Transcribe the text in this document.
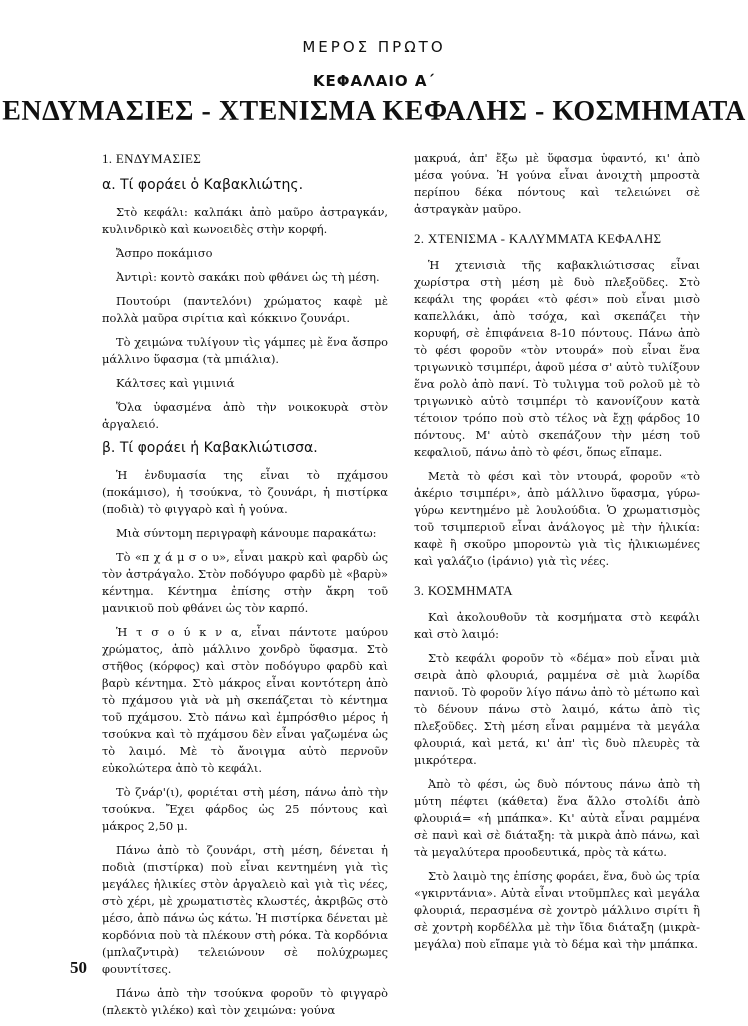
ΜΕΡΟΣ ΠΡΩΤΟ
ΚΕΦΑΛΑΙΟ Α΄
ΕΝΔΥΜΑΣΙΕΣ - ΧΤΕΝΙΣΜΑ ΚΕΦΑΛΗΣ - ΚΟΣΜΗΜΑΤΑ
1. ΕΝΔΥΜΑΣΙΕΣ
α. Τί φοράει ὁ Καβακλιώτης.

Στὸ κεφάλι: καλπάκι ἀπὸ μαῦρο ἀστραγκάν, κυλινδρικὸ καὶ κωνοειδὲς στὴν κορφή.

Ἄσπρο ποκάμισο

Ἀντιρὶ: κοντὸ σακάκι ποὺ φθάνει ὡς τὴ μέση.

Πουτούρι (παντελόνι) χρώματος καφὲ μὲ πολλὰ μαῦρα σιρίτια καὶ κόκκινο ζουνάρι.

Τὸ χειμώνα τυλίγουν τὶς γάμπες μὲ ἕνα ἄσπρο μάλλινο ὕφασμα (τὰ μπιάλια).

Κάλτσες καὶ γιμινιά

Ὅλα ὑφασμένα ἀπὸ τὴν νοικοκυρὰ στὸν ἀργαλειό.

β. Τί φοράει ἡ Καβακλιώτισσα.

Ἡ ἐνδυμασία της εἶναι τὸ πχάμσου (ποκάμισο), ἡ τσούκνα, τὸ ζουνάρι, ἡ πιστίρκα (ποδιὰ) τὸ φιγγαρὸ καὶ ἡ γούνα.

Μιὰ σύντομη περιγραφὴ κάνουμε παρακάτω:

Τὸ «π χ ά μ σ ο υ», εἶναι μακρὺ καὶ φαρδὺ ὡς τὸν ἀστράγαλο. Στὸν ποδόγυρο φαρδὺ μὲ «βαρὺ» κέντημα. Κέντημα ἐπίσης στὴν ἄκρη τοῦ μανικιοῦ ποὺ φθάνει ὡς τὸν καρπό.

Ἡ τ σ ο ύ κ ν α, εἶναι πάντοτε μαύρου χρώματος, ἀπὸ μάλλινο χονδρὸ ὕφασμα. Στὸ στῆθος (κόρφος) καὶ στὸν ποδόγυρο φαρδὺ καὶ βαρὺ κέντημα. Στὸ μάκρος εἶναι κοντότερη ἀπὸ τὸ πχάμσου γιὰ νὰ μὴ σκεπάζεται τὸ κέντημα τοῦ πχάμσου. Στὸ πάνω καὶ ἐμπρόσθιο μέρος ἡ τσούκνα καὶ τὸ πχάμσου δὲν εἶναι γαζωμένα ὡς τὸ λαιμό. Μὲ τὸ ἄνοιγμα αὐτὸ περνοῦν εὐκολώτερα ἀπὸ τὸ κεφάλι.

Τὸ ζνάρ'(ι), φοριέται στὴ μέση, πάνω ἀπὸ τὴν τσούκνα. Ἔχει φάρδος ὡς 25 πόντους καὶ μάκρος 2,50 μ.

Πάνω ἀπὸ τὸ ζουνάρι, στὴ μέση, δένεται ἡ ποδιὰ (πιστίρκα) ποὺ εἶναι κεντημένη γιὰ τὶς μεγάλες ἡλικίες στὸν ἀργαλειὸ καὶ γιὰ τὶς νέες, στὸ χέρι, μὲ χρωματιστὲς κλωστές, ἀκριβῶς στὸ μέσο, ἀπὸ πάνω ὡς κάτω. Ἡ πιστίρκα δένεται μὲ κορδόνια ποὺ τὰ πλέκουν στὴ ρόκα. Τὰ κορδόνια (μπλαζντιρὰ) τελειώνουν σὲ πολύχρωμες φουντίτσες.

Πάνω ἀπὸ τὴν τσούκνα φοροῦν τὸ φιγγαρὸ (πλεκτὸ γιλέκο) καὶ τὸν χειμώνα: γούνα

μακρυά, ἀπ' ἔξω μὲ ὕφασμα ὑφαντό, κι' ἀπὸ μέσα γούνα. Ἡ γούνα εἶναι ἀνοιχτὴ μπροστὰ περίπου δέκα πόντους καὶ τελειώνει σὲ ἀστραγκὰν μαῦρο.

2. ΧΤΕΝΙΣΜΑ - ΚΑΛΥΜΜΑΤΑ ΚΕΦΑΛΗΣ

Ἡ χτενισιὰ τῆς καβακλιώτισσας εἶναι χωρίστρα στὴ μέση μὲ δυὸ πλεξοῦδες. Στὸ κεφάλι της φοράει «τὸ φέσι» ποὺ εἶναι μισὸ καπελλάκι, ἀπὸ τσόχα, καὶ σκεπάζει τὴν κορυφή, σὲ ἐπιφάνεια 8-10 πόντους. Πάνω ἀπὸ τὸ φέσι φοροῦν «τὸν ντουρά» ποὺ εἶναι ἕνα τριγωνικὸ τσιμπέρι, ἀφοῦ μέσα σ' αὐτὸ τυλίξουν ἕνα ρολὸ ἀπὸ πανί. Τὸ τυλιγμα τοῦ ρολοῦ μὲ τὸ τριγωνικὸ αὐτὸ τσιμπέρι τὸ κανονίζουν κατὰ τέτοιον τρόπο ποὺ στὸ τέλος νὰ ἔχῃ φάρδος 10 πόντους. Μ' αὐτὸ σκεπάζουν τὴν μέση τοῦ κεφαλιοῦ, πάνω ἀπὸ τὸ φέσι, ὅπως εἴπαμε.

Μετὰ τὸ φέσι καὶ τὸν ντουρά, φοροῦν «τὸ ἀκέριο τσιμπέρι», ἀπὸ μάλλινο ὕφασμα, γύρω-γύρω κεντημένο μὲ λουλούδια. Ὁ χρωματισμὸς τοῦ τσιμπεριοῦ εἶναι ἀνάλογος μὲ τὴν ἡλικία: καφὲ ἢ σκοῦρο μποροντὼ γιὰ τὶς ἡλικιωμένες καὶ γαλάζιο (ἰράνιο) γιὰ τὶς νέες.

3. ΚΟΣΜΗΜΑΤΑ

Καὶ ἀκολουθοῦν τὰ κοσμήματα στὸ κεφάλι καὶ στὸ λαιμό:

Στὸ κεφάλι φοροῦν τὸ «δέμα» ποὺ εἶναι μιὰ σειρὰ ἀπὸ φλουριά, ραμμένα σὲ μιὰ λωρίδα πανιοῦ. Τὸ φοροῦν λίγο πάνω ἀπὸ τὸ μέτωπο καὶ τὸ δένουν πάνω στὸ λαιμό, κάτω ἀπὸ τὶς πλεξοῦδες. Στὴ μέση εἶναι ραμμένα τὰ μεγάλα φλουριά, καὶ μετά, κι' ἀπ' τὶς δυὸ πλευρὲς τὰ μικρότερα.

Ἀπὸ τὸ φέσι, ὡς δυὸ πόντους πάνω ἀπὸ τὴ μύτη πέφτει (κάθετα) ἕνα ἄλλο στολίδι ἀπὸ φλουριά= «ἡ μπάπκα». Κι' αὐτὰ εἶναι ραμμένα σὲ πανὶ καὶ σὲ διάταξη: τὰ μικρὰ ἀπὸ πάνω, καὶ τὰ μεγαλύτερα προοδευτικά, πρὸς τὰ κάτω.

Στὸ λαιμὸ της ἐπίσης φοράει, ἕνα, δυὸ ὡς τρία «γκιρντάνια». Αὐτὰ εἶναι ντοῦμπλες καὶ μεγάλα φλουριά, περασμένα σὲ χοντρὸ μάλλινο σιρίτι ἢ σὲ χοντρὴ κορδέλλα μὲ τὴν ἴδια διάταξη (μικρὰ-μεγάλα) ποὺ εἴπαμε γιὰ τὸ δέμα καὶ τὴν μπάπκα.

50
